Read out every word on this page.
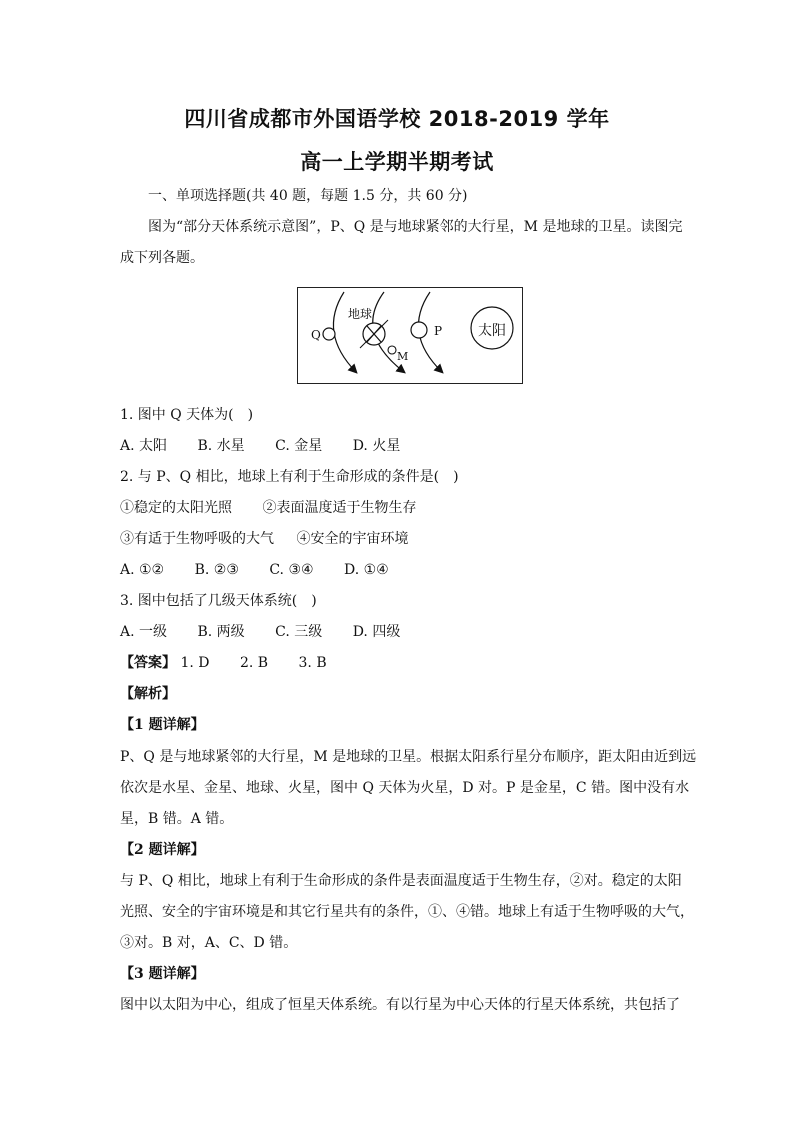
四川省成都市外国语学校 2018-2019 学年
高一上学期半期考试
一、单项选择题(共 40 题，每题 1.5 分，共 60 分)
图为“部分天体系统示意图”，P、Q 是与地球紧邻的大行星，M 是地球的卫星。读图完
成下列各题。
地球
Q	P
M
太阳
1. 图中 Q 天体为(　)
A. 太阳 B. 水星 C. 金星 D. 火星
2. 与 P、Q 相比，地球上有利于生命形成的条件是(　)
①稳定的太阳光照 ②表面温度适于生物生存
③有适于生物呼吸的大气 ④安全的宇宙环境
A. ①② B. ②③ C. ③④ D. ①④
3. 图中包括了几级天体系统(　)
A. 一级 B. 两级 C. 三级 D. 四级
【答案】 1. D 2. B 3. B
【解析】
【1 题详解】
P、Q 是与地球紧邻的大行星，M 是地球的卫星。根据太阳系行星分布顺序，距太阳由近到远
依次是水星、金星、地球、火星，图中 Q 天体为火星，D 对。P 是金星，C 错。图中没有水
星，B 错。A 错。
【2 题详解】
与 P、Q 相比，地球上有利于生命形成的条件是表面温度适于生物生存，②对。稳定的太阳
光照、安全的宇宙环境是和其它行星共有的条件，①、④错。地球上有适于生物呼吸的大气，
③对。B 对，A、C、D 错。
【3 题详解】
图中以太阳为中心，组成了恒星天体系统。有以行星为中心天体的行星天体系统，共包括了
